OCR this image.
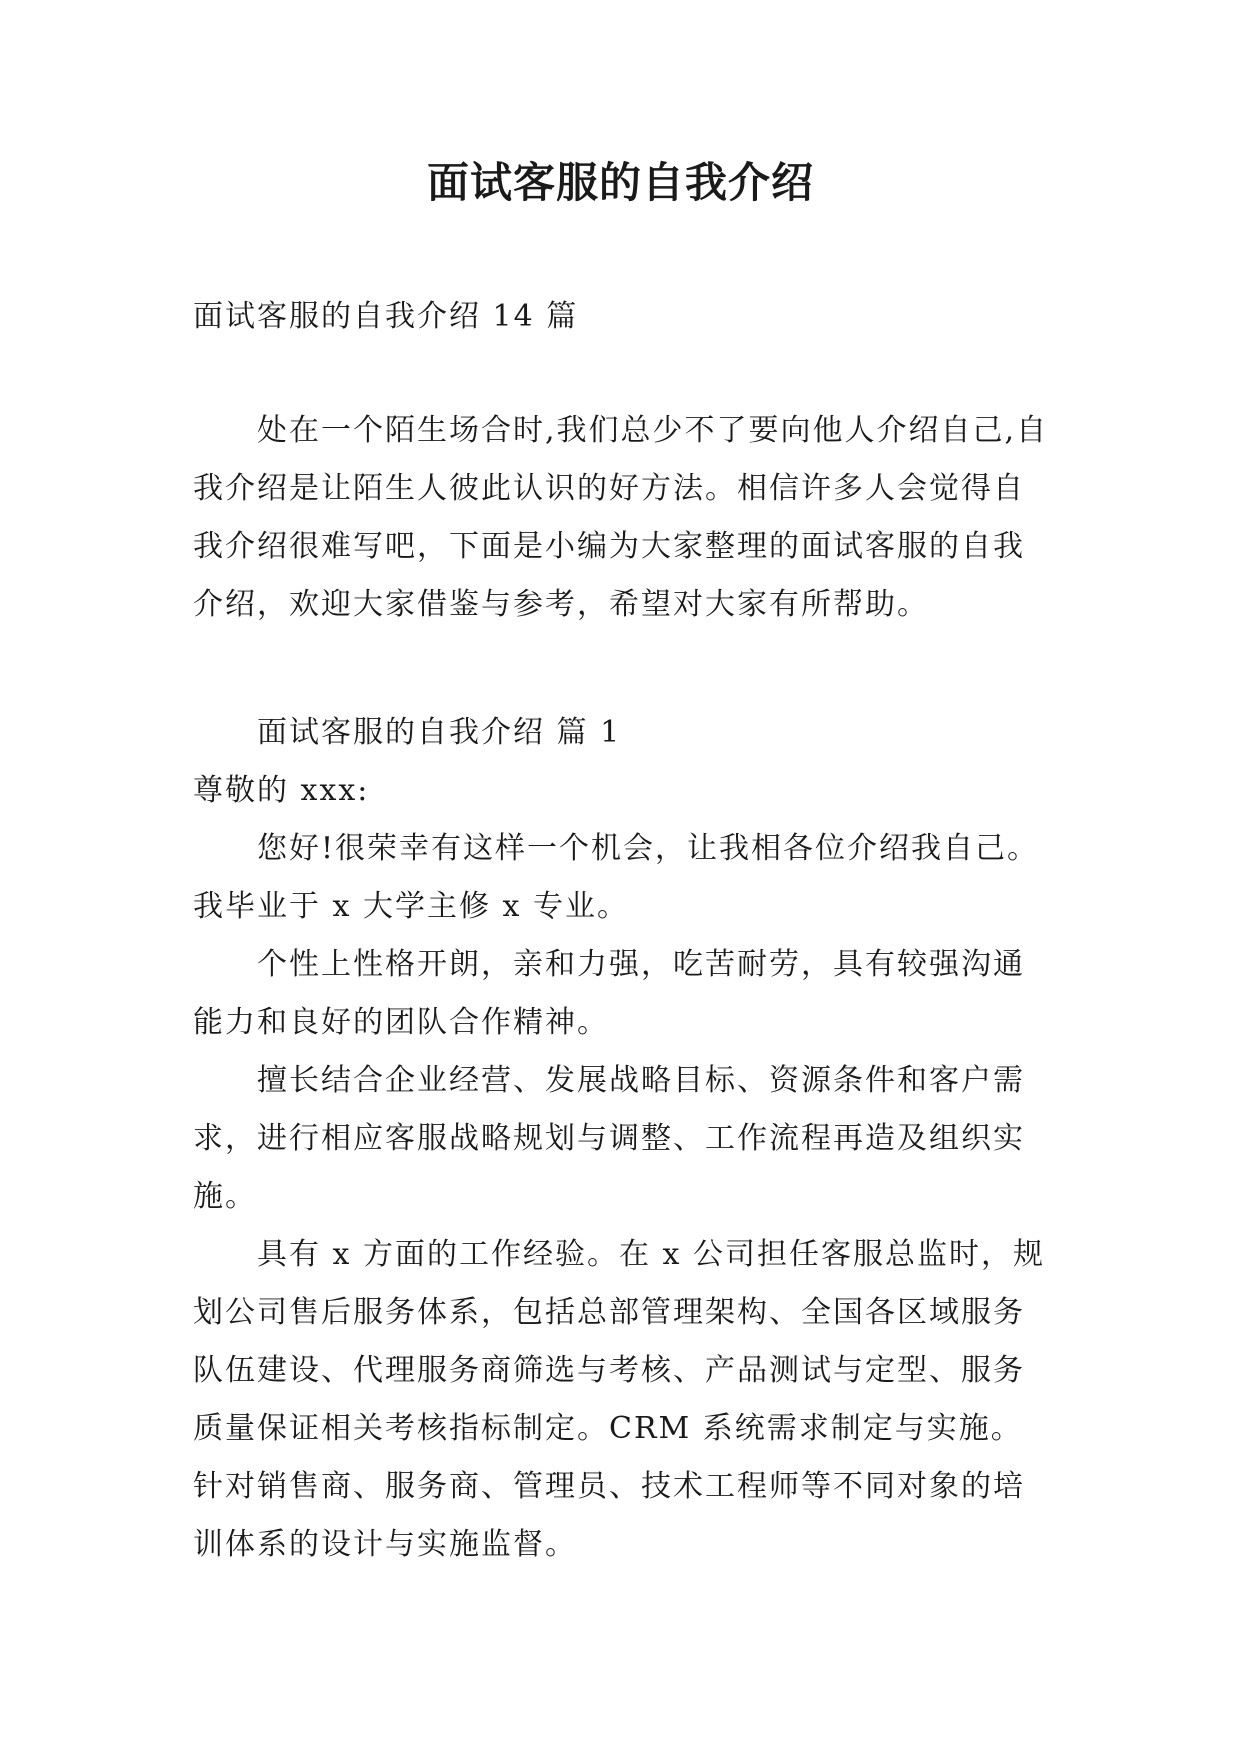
面试客服的自我介绍

面试客服的自我介绍 14 篇

处在一个陌生场合时,我们总少不了要向他人介绍自己,自我介绍是让陌生人彼此认识的好方法。相信许多人会觉得自我介绍很难写吧，下面是小编为大家整理的面试客服的自我介绍，欢迎大家借鉴与参考，希望对大家有所帮助。

面试客服的自我介绍 篇 1

尊敬的 xxx:

您好!很荣幸有这样一个机会，让我相各位介绍我自己。我毕业于 x 大学主修 x 专业。

个性上性格开朗，亲和力强，吃苦耐劳，具有较强沟通能力和良好的团队合作精神。

擅长结合企业经营、发展战略目标、资源条件和客户需求，进行相应客服战略规划与调整、工作流程再造及组织实施。

具有 x 方面的工作经验。在 x 公司担任客服总监时，规划公司售后服务体系，包括总部管理架构、全国各区域服务队伍建设、代理服务商筛选与考核、产品测试与定型、服务质量保证相关考核指标制定。CRM 系统需求制定与实施。针对销售商、服务商、管理员、技术工程师等不同对象的培训体系的设计与实施监督。
